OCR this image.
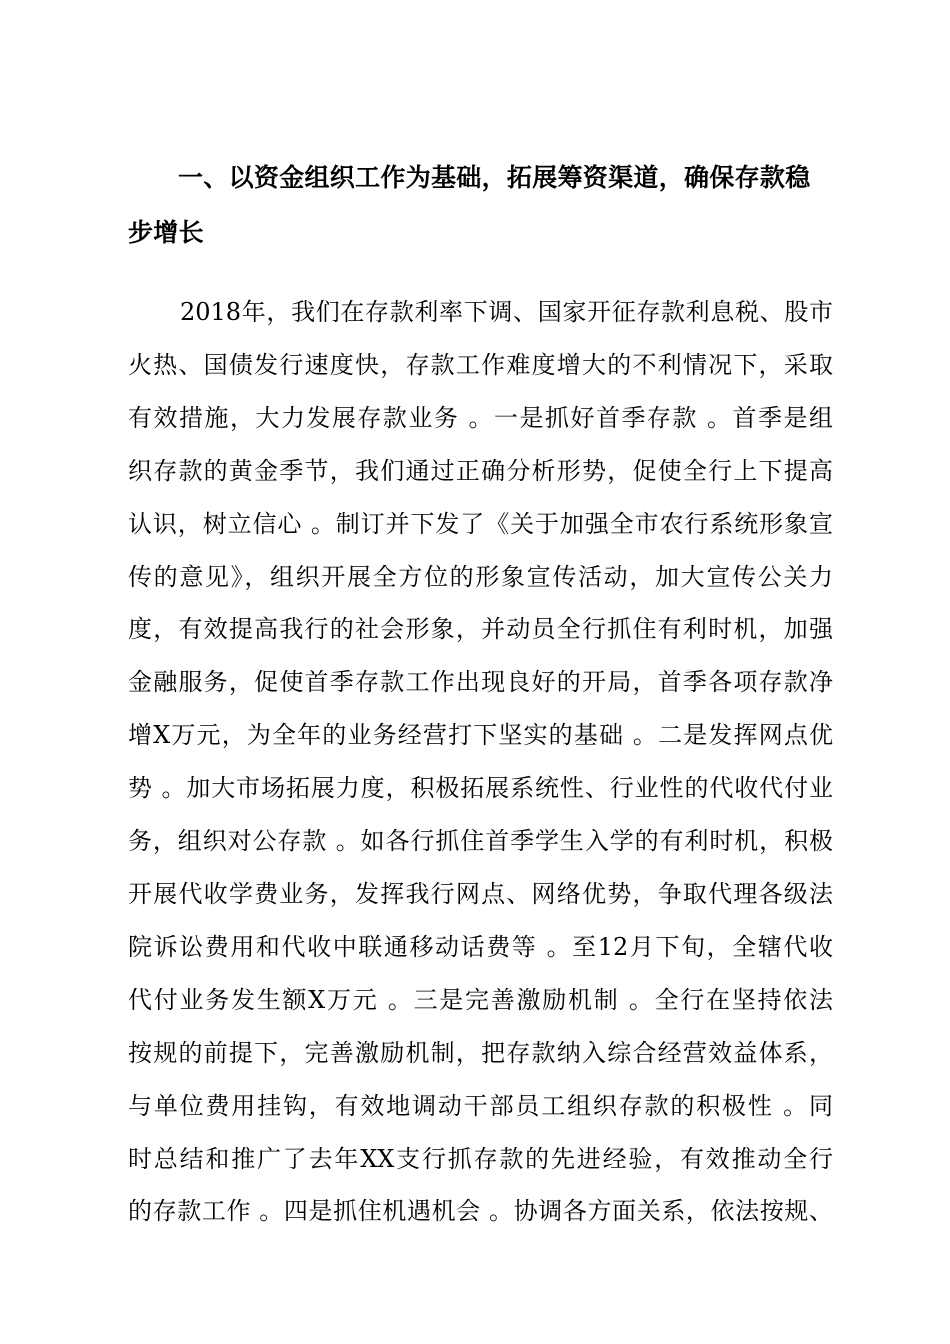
一、以资金组织工作为基础，拓展筹资渠道，确保存款稳步增长
2018年，我们在存款利率下调、国家开征存款利息税、股市
火热、国债发行速度快，存款工作难度增大的不利情况下，采取
有效措施，大力发展存款业务 。一是抓好首季存款 。首季是组
织存款的黄金季节，我们通过正确分析形势，促使全行上下提高
认识，树立信心 。制订并下发了《关于加强全市农行系统形象宣
传的意见》，组织开展全方位的形象宣传活动，加大宣传公关力
度，有效提高我行的社会形象，并动员全行抓住有利时机，加强
金融服务，促使首季存款工作出现良好的开局，首季各项存款净
增X万元，为全年的业务经营打下坚实的基础 。二是发挥网点优
势 。加大市场拓展力度，积极拓展系统性、行业性的代收代付业
务，组织对公存款 。如各行抓住首季学生入学的有利时机，积极
开展代收学费业务，发挥我行网点、网络优势，争取代理各级法
院诉讼费用和代收中联通移动话费等 。至12月下旬，全辖代收
代付业务发生额X万元 。三是完善激励机制 。全行在坚持依法
按规的前提下，完善激励机制，把存款纳入综合经营效益体系，
与单位费用挂钩，有效地调动干部员工组织存款的积极性 。同
时总结和推广了去年XX支行抓存款的先进经验，有效推动全行
的存款工作 。四是抓住机遇机会 。协调各方面关系，依法按规、
